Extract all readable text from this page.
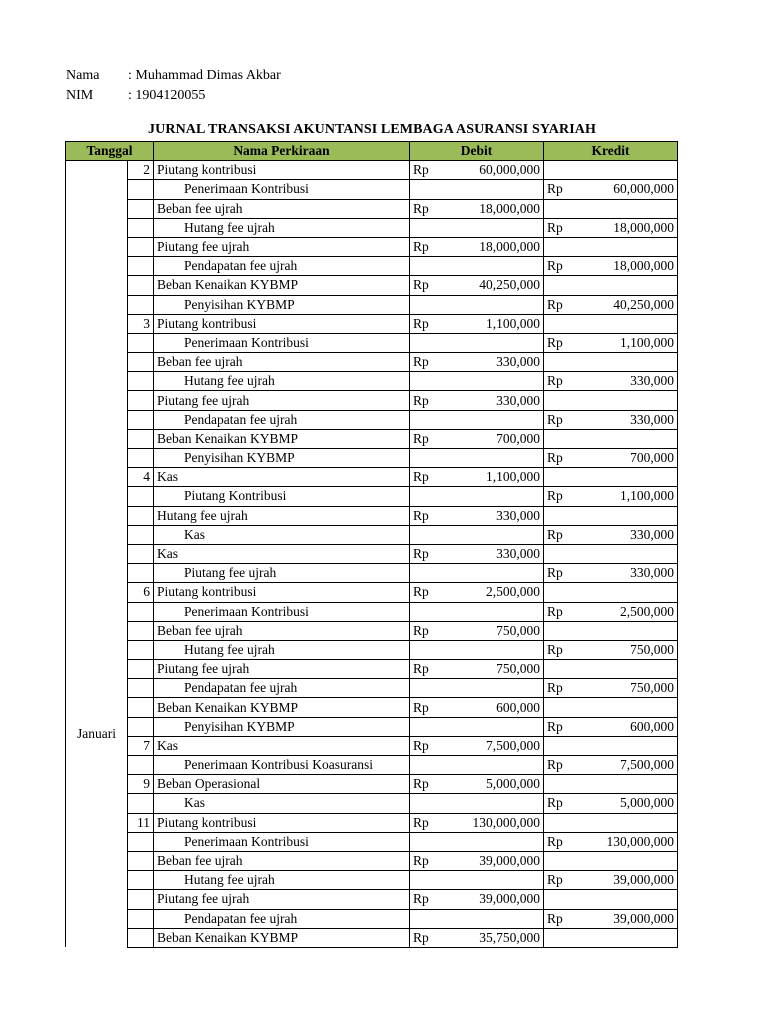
Nama : Muhammad Dimas Akbar
NIM : 1904120055
JURNAL TRANSAKSI AKUNTANSI LEMBAGA ASURANSI SYARIAH
Tanggal		Nama Perkiraan	Debit	Kredit
Januari	2	Piutang kontribusi	Rp 60,000,000	

		Penerimaan Kontribusi		Rp 60,000,000

		Beban fee ujrah	Rp 18,000,000	

		Hutang fee ujrah		Rp 18,000,000

		Piutang fee ujrah	Rp 18,000,000	

		Pendapatan fee ujrah		Rp 18,000,000

		Beban Kenaikan KYBMP	Rp 40,250,000	

		Penyisihan KYBMP		Rp 40,250,000

	3	Piutang kontribusi	Rp 1,100,000	

		Penerimaan Kontribusi		Rp 1,100,000

		Beban fee ujrah	Rp 330,000	

		Hutang fee ujrah		Rp 330,000

		Piutang fee ujrah	Rp 330,000	

		Pendapatan fee ujrah		Rp 330,000

		Beban Kenaikan KYBMP	Rp 700,000	

		Penyisihan KYBMP		Rp 700,000

	4	Kas	Rp 1,100,000	

		Piutang Kontribusi		Rp 1,100,000

		Hutang fee ujrah	Rp 330,000	

		Kas		Rp 330,000

		Kas	Rp 330,000	

		Piutang fee ujrah		Rp 330,000

	6	Piutang kontribusi	Rp 2,500,000	

		Penerimaan Kontribusi		Rp 2,500,000

		Beban fee ujrah	Rp 750,000	

		Hutang fee ujrah		Rp 750,000

		Piutang fee ujrah	Rp 750,000	

		Pendapatan fee ujrah		Rp 750,000

		Beban Kenaikan KYBMP	Rp 600,000	

		Penyisihan KYBMP		Rp 600,000

	7	Kas	Rp 7,500,000	

		Penerimaan Kontribusi Koasuransi		Rp 7,500,000

	9	Beban Operasional	Rp 5,000,000	

		Kas		Rp 5,000,000

	11	Piutang kontribusi	Rp 130,000,000	

		Penerimaan Kontribusi		Rp 130,000,000

		Beban fee ujrah	Rp 39,000,000	

		Hutang fee ujrah		Rp 39,000,000

		Piutang fee ujrah	Rp 39,000,000	

		Pendapatan fee ujrah		Rp 39,000,000

		Beban Kenaikan KYBMP	Rp 35,750,000	
